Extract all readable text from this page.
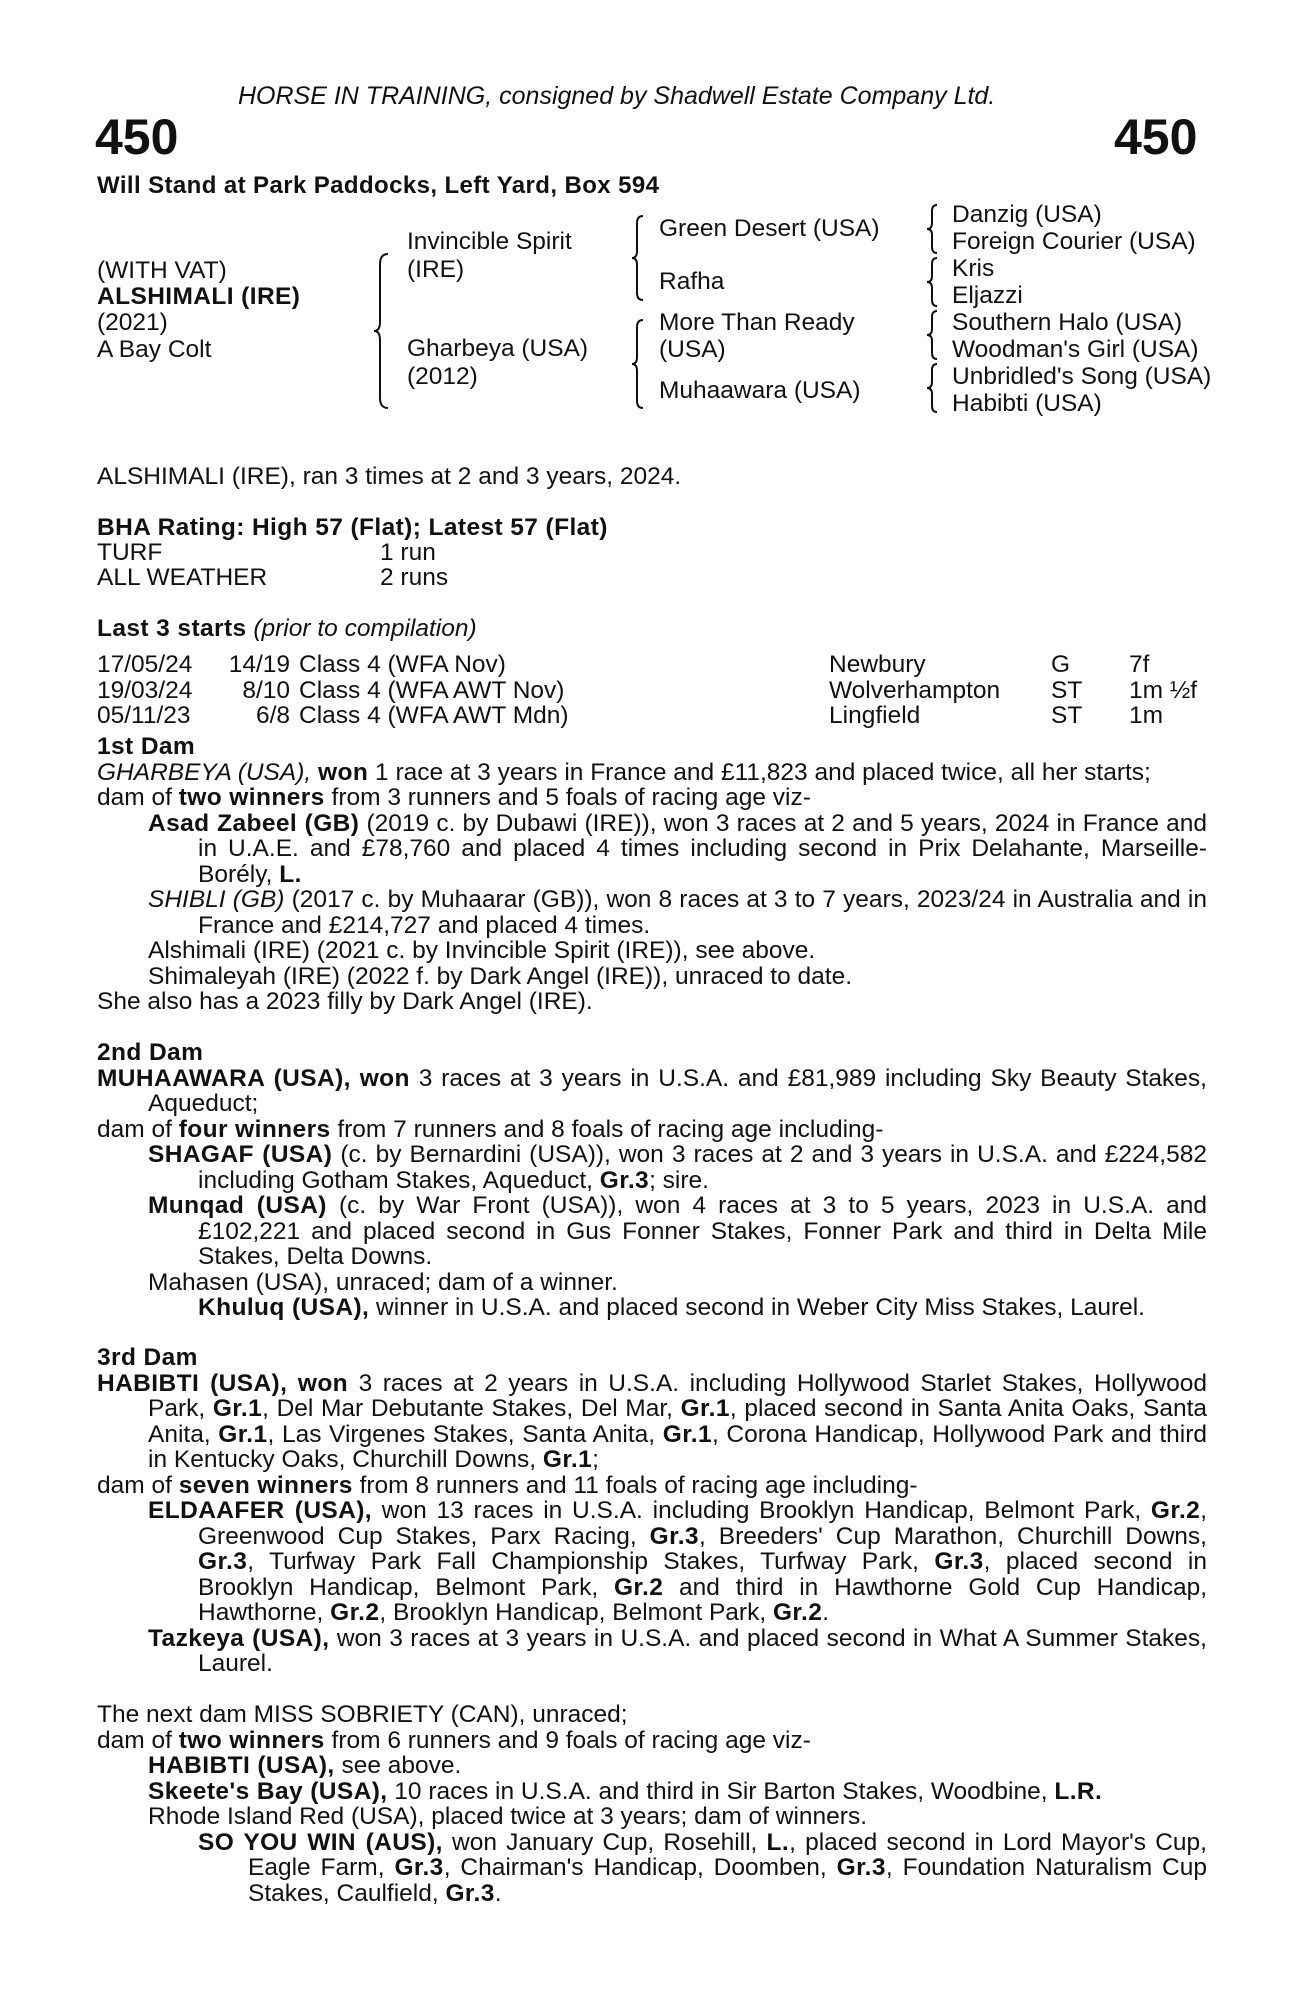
HORSE IN TRAINING, consigned by Shadwell Estate Company Ltd.
450	450
Will Stand at Park Paddocks, Left Yard, Box 594
(WITH VAT)
ALSHIMALI (IRE)
(2021)
A Bay Colt
Invincible Spirit
(IRE)
Gharbeya (USA)
(2012)
Green Desert (USA)
Rafha
More Than Ready
(USA)
Muhaawara (USA)
Danzig (USA)
Foreign Courier (USA)
Kris
Eljazzi
Southern Halo (USA)
Woodman's Girl (USA)
Unbridled's Song (USA)
Habibti (USA)
ALSHIMALI (IRE), ran 3 times at 2 and 3 years, 2024.
BHA Rating: High 57 (Flat); Latest 57 (Flat)
TURF	1 run
ALL WEATHER	2 runs
Last 3 starts (prior to compilation)
17/05/24	14/19	Class 4 (WFA Nov)	Newbury	G	7f
19/03/24	8/10	Class 4 (WFA AWT Nov)	Wolverhampton	ST	1m ½f
05/11/23	6/8	Class 4 (WFA AWT Mdn)	Lingfield	ST	1m

1st Dam

GHARBEYA (USA), won 1 race at 3 years in France and £11,823 and placed twice, all her starts;

dam of two winners from 3 runners and 5 foals of racing age viz-

Asad Zabeel (GB) (2019 c. by Dubawi (IRE)), won 3 races at 2 and 5 years, 2024 in France and in U.A.E. and £78,760 and placed 4 times including second in Prix Delahante, Marseille-Borély, L.

SHIBLI (GB) (2017 c. by Muhaarar (GB)), won 8 races at 3 to 7 years, 2023/24 in Australia and in France and £214,727 and placed 4 times.

Alshimali (IRE) (2021 c. by Invincible Spirit (IRE)), see above.

Shimaleyah (IRE) (2022 f. by Dark Angel (IRE)), unraced to date.

She also has a 2023 filly by Dark Angel (IRE).

2nd Dam

MUHAAWARA (USA), won 3 races at 3 years in U.S.A. and £81,989 including Sky Beauty Stakes, Aqueduct;

dam of four winners from 7 runners and 8 foals of racing age including-

SHAGAF (USA) (c. by Bernardini (USA)), won 3 races at 2 and 3 years in U.S.A. and £224,582 including Gotham Stakes, Aqueduct, Gr.3; sire.

Munqad (USA) (c. by War Front (USA)), won 4 races at 3 to 5 years, 2023 in U.S.A. and £102,221 and placed second in Gus Fonner Stakes, Fonner Park and third in Delta Mile Stakes, Delta Downs.

Mahasen (USA), unraced; dam of a winner.

Khuluq (USA), winner in U.S.A. and placed second in Weber City Miss Stakes, Laurel.

3rd Dam

HABIBTI (USA), won 3 races at 2 years in U.S.A. including Hollywood Starlet Stakes, Hollywood Park, Gr.1, Del Mar Debutante Stakes, Del Mar, Gr.1, placed second in Santa Anita Oaks, Santa Anita, Gr.1, Las Virgenes Stakes, Santa Anita, Gr.1, Corona Handicap, Hollywood Park and third in Kentucky Oaks, Churchill Downs, Gr.1;

dam of seven winners from 8 runners and 11 foals of racing age including-

ELDAAFER (USA), won 13 races in U.S.A. including Brooklyn Handicap, Belmont Park, Gr.2, Greenwood Cup Stakes, Parx Racing, Gr.3, Breeders' Cup Marathon, Churchill Downs, Gr.3, Turfway Park Fall Championship Stakes, Turfway Park, Gr.3, placed second in Brooklyn Handicap, Belmont Park, Gr.2 and third in Hawthorne Gold Cup Handicap, Hawthorne, Gr.2, Brooklyn Handicap, Belmont Park, Gr.2.

Tazkeya (USA), won 3 races at 3 years in U.S.A. and placed second in What A Summer Stakes, Laurel.

The next dam MISS SOBRIETY (CAN), unraced;

dam of two winners from 6 runners and 9 foals of racing age viz-

HABIBTI (USA), see above.

Skeete's Bay (USA), 10 races in U.S.A. and third in Sir Barton Stakes, Woodbine, L.R.

Rhode Island Red (USA), placed twice at 3 years; dam of winners.

SO YOU WIN (AUS), won January Cup, Rosehill, L., placed second in Lord Mayor's Cup, Eagle Farm, Gr.3, Chairman's Handicap, Doomben, Gr.3, Foundation Naturalism Cup Stakes, Caulfield, Gr.3.
